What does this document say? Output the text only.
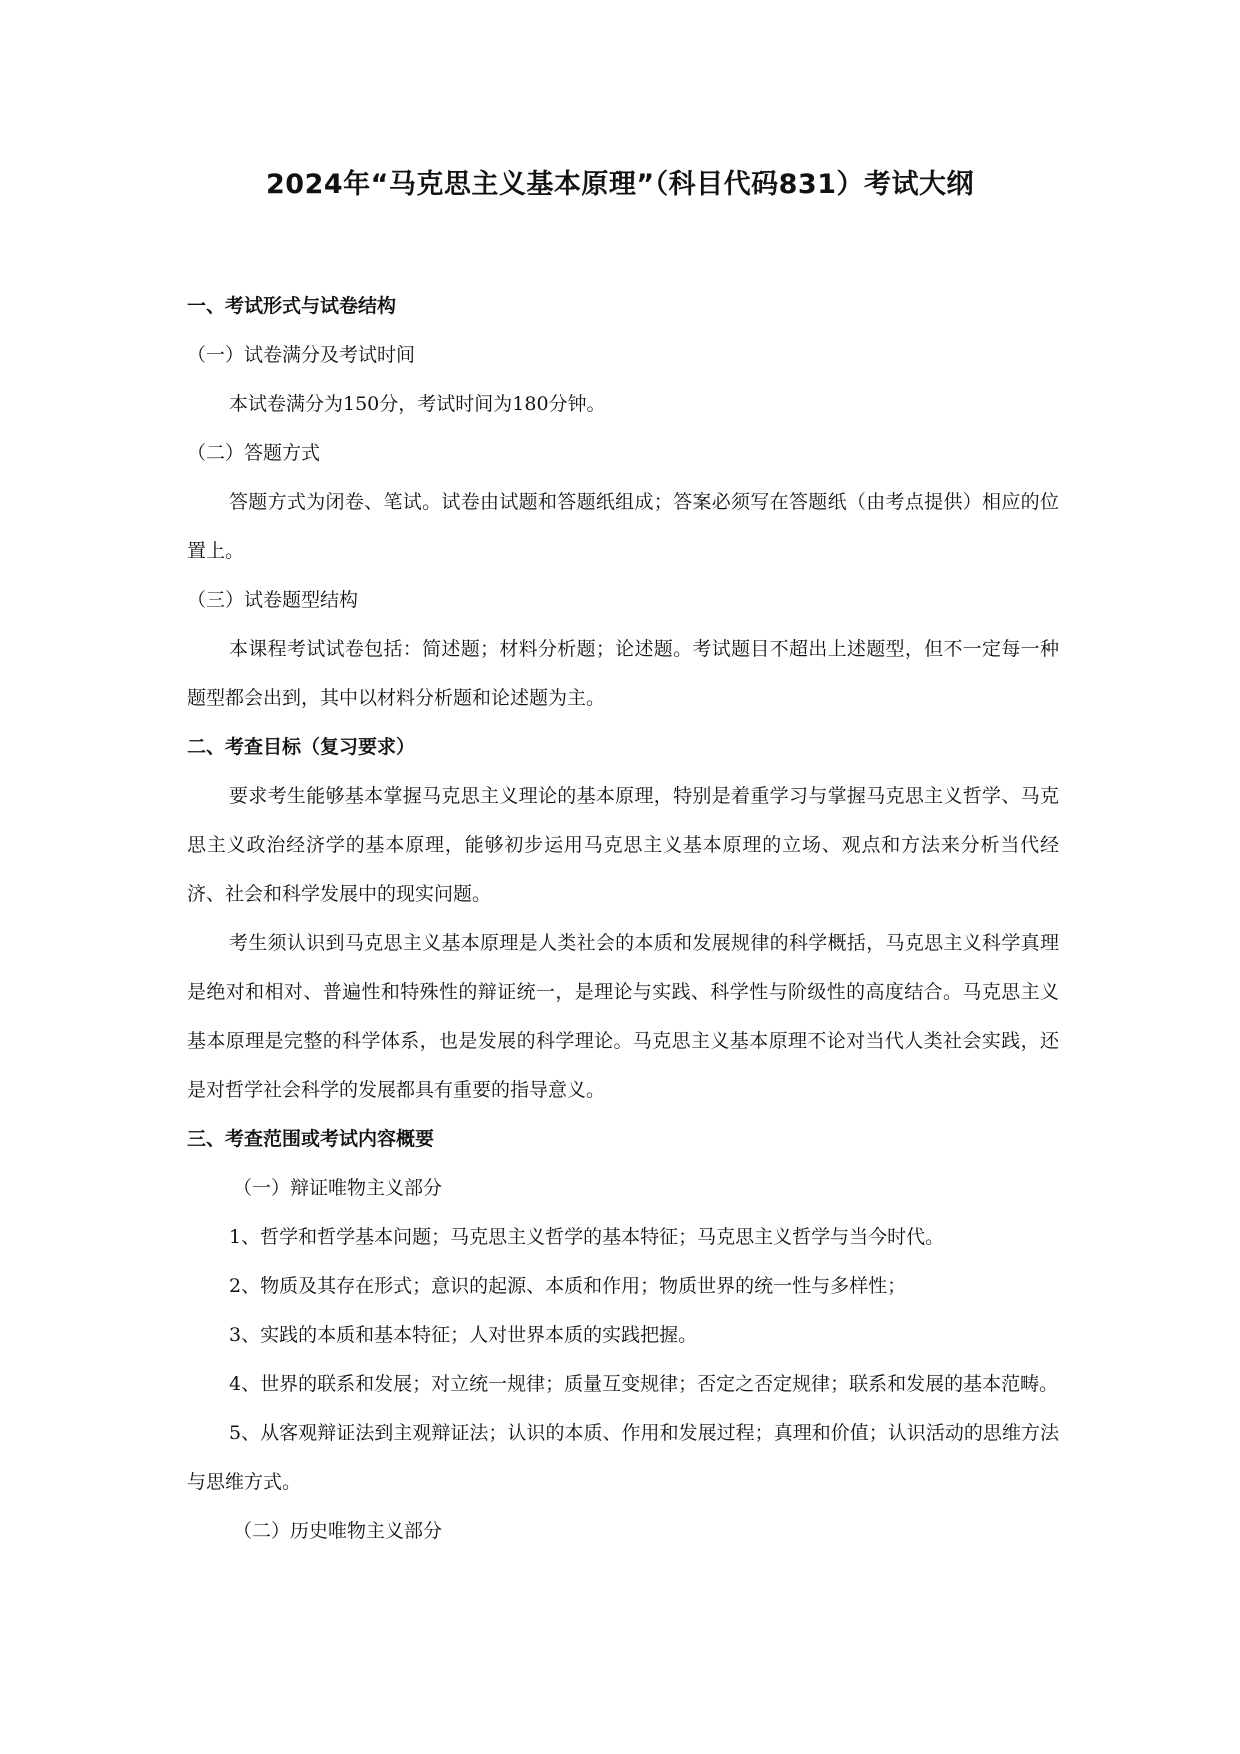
2024年“马克思主义基本原理”（科目代码831）考试大纲
一、考试形式与试卷结构
（一）试卷满分及考试时间
本试卷满分为150分，考试时间为180分钟。
（二）答题方式
答题方式为闭卷、笔试。试卷由试题和答题纸组成；答案必须写在答题纸（由考点提供）相应的位置上。
（三）试卷题型结构
本课程考试试卷包括：简述题；材料分析题；论述题。考试题目不超出上述题型，但不一定每一种题型都会出到，其中以材料分析题和论述题为主。
二、考查目标（复习要求）
要求考生能够基本掌握马克思主义理论的基本原理，特别是着重学习与掌握马克思主义哲学、马克思主义政治经济学的基本原理，能够初步运用马克思主义基本原理的立场、观点和方法来分析当代经济、社会和科学发展中的现实问题。
考生须认识到马克思主义基本原理是人类社会的本质和发展规律的科学概括，马克思主义科学真理是绝对和相对、普遍性和特殊性的辩证统一，是理论与实践、科学性与阶级性的高度结合。马克思主义基本原理是完整的科学体系，也是发展的科学理论。马克思主义基本原理不论对当代人类社会实践，还是对哲学社会科学的发展都具有重要的指导意义。
三、考查范围或考试内容概要
（一）辩证唯物主义部分
1、哲学和哲学基本问题；马克思主义哲学的基本特征；马克思主义哲学与当今时代。
2、物质及其存在形式；意识的起源、本质和作用；物质世界的统一性与多样性；
3、实践的本质和基本特征；人对世界本质的实践把握。
4、世界的联系和发展；对立统一规律；质量互变规律；否定之否定规律；联系和发展的基本范畴。
5、从客观辩证法到主观辩证法；认识的本质、作用和发展过程；真理和价值；认识活动的思维方法与思维方式。
（二）历史唯物主义部分
